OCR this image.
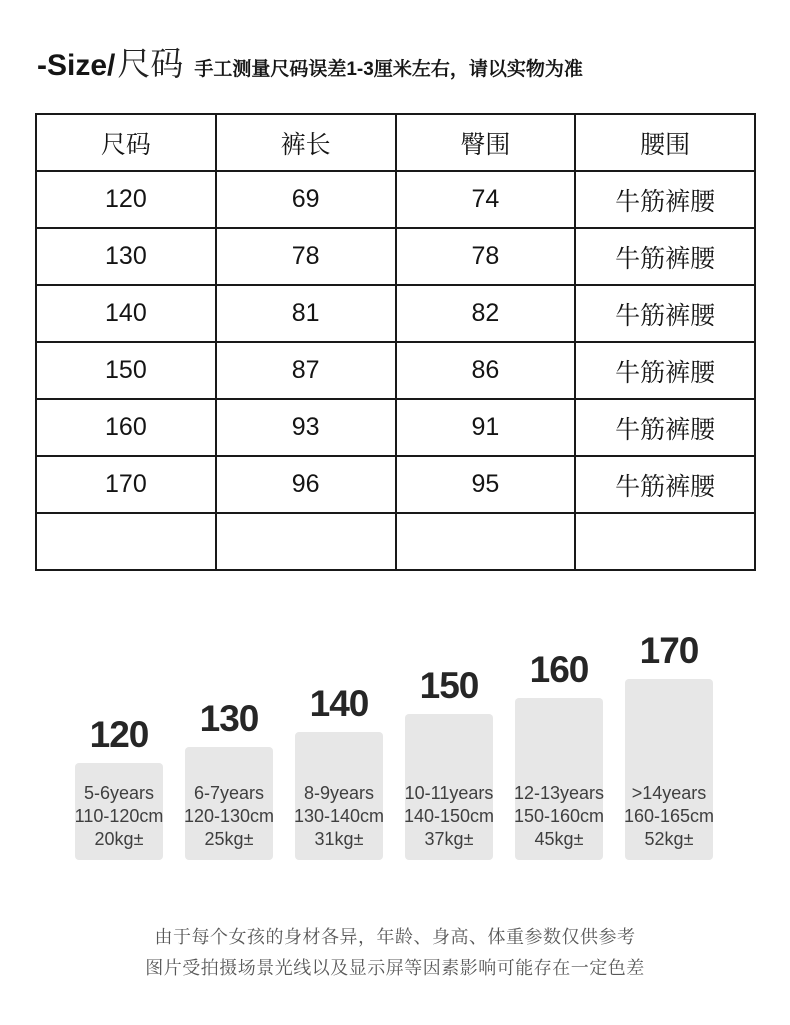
-Size/ 尺码 手工测量尺码误差1-3厘米左右，请以实物为准
尺码	裤长	臀围	腰围
120	69	74	牛筋裤腰
130	78	78	牛筋裤腰
140	81	82	牛筋裤腰
150	87	86	牛筋裤腰
160	93	91	牛筋裤腰
170	96	95	牛筋裤腰

120
5-6years
110-120cm
20kg±
130
6-7years
120-130cm
25kg±
140
8-9years
130-140cm
31kg±
150
10-11years
140-150cm
37kg±
160
12-13years
150-160cm
45kg±
170
>14years
160-165cm
52kg±
由于每个女孩的身材各异，年龄、身高、体重参数仅供参考
图片受拍摄场景光线以及显示屏等因素影响可能存在一定色差
